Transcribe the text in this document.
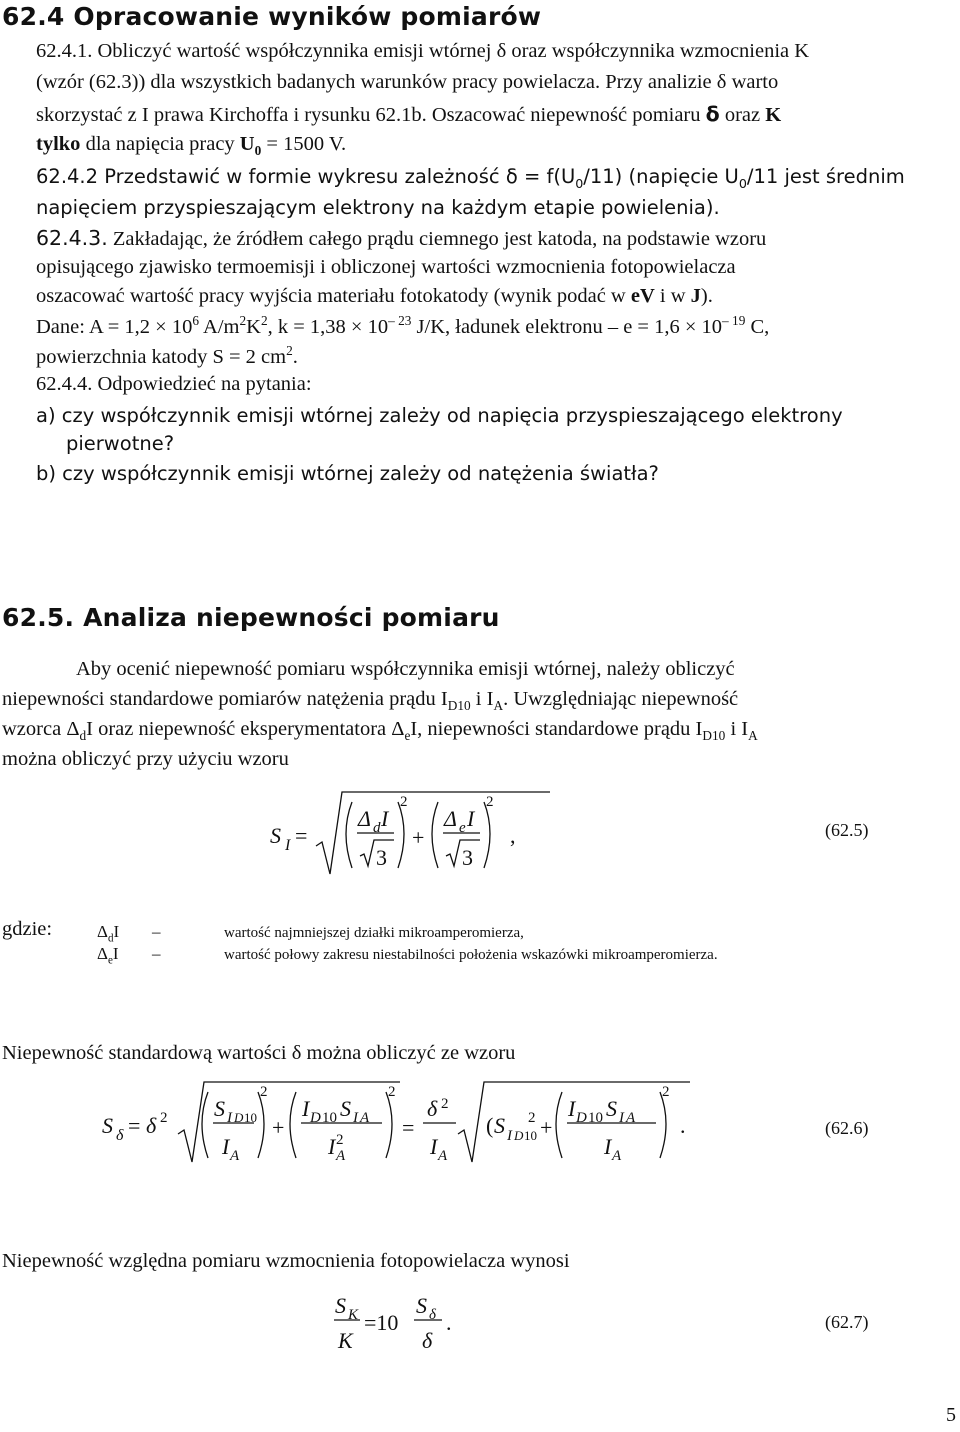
62.4 Opracowanie wyników pomiarów
62.4.1. Obliczyć wartość współczynnika emisji wtórnej δ oraz współczynnika wzmocnienia K
(wzór (62.3)) dla wszystkich badanych warunków pracy powielacza. Przy analizie δ warto
skorzystać z I prawa Kirchoffa i rysunku 62.1b. Oszacować niepewność pomiaru δ oraz K
tylko dla napięcia pracy $U_0 = 1500$ V.
62.4.2 Przedstawić w formie wykresu zależność $\delta = f(U_0/11)$ (napięcie $U_0/11$ jest średnim
napięciem przyspieszającym elektrony na każdym etapie powielenia).
62.4.3. Zakładając, że źródłem całego prądu ciemnego jest katoda, na podstawie wzoru
opisującego zjawisko termoemisji i obliczonej wartości wzmocnienia fotopowielacza
oszacować wartość pracy wyjścia materiału fotokatody (wynik podać w eV i w J).
Dane: $A = 1,2 \times 10^6$ $A/m^2K^2$, $k = 1,38 \times 10^{- 23}$ J/K, ładunek elektronu – $e = 1,6 \times 10^{- 19}$ C,
powierzchnia katody S = 2 $cm^2$.
62.4.4. Odpowiedzieć na pytania:
a) czy współczynnik emisji wtórnej zależy od napięcia przyspieszającego elektrony
pierwotne?
b) czy współczynnik emisji wtórnej zależy od natężenia światła?
62.5. Analiza niepewności pomiaru
Aby ocenić niepewność pomiaru współczynnika emisji wtórnej, należy obliczyć
niepewności standardowe pomiarów natężenia prądu $I_{D10}$ i $I_A$. Uwzględniając niepewność
wzorca $\Delta_dI$ oraz niepewność eksperymentatora $\Delta_eI$, niepewności standardowe prądu $I_{D10}$ i $I_A$
można obliczyć przy użyciu wzoru
S I =
Δ d I
3
2
+
Δ e I
3
2
,	(62.5)
gdzie:	$\Delta_dI$ –	wartość najmniejszej działki mikroamperomierza,
$\Delta_eI$ –	wartość połowy zakresu niestabilności położenia wskazówki mikroamperomierza.
Niepewność standardową wartości δ można obliczyć ze wzoru
S δ = δ 2 S I D 10
I A
2
+
I D 10 S I A
I 2
A
2
=
δ 2
I A
( S I D 10
2 +
I D 10 S I A
I A
2
.	(62.6)
Niepewność względna pomiaru wzmocnienia fotopowielacza wynosi
S K
K
=10
S δ
δ
.	(62.7)
5
